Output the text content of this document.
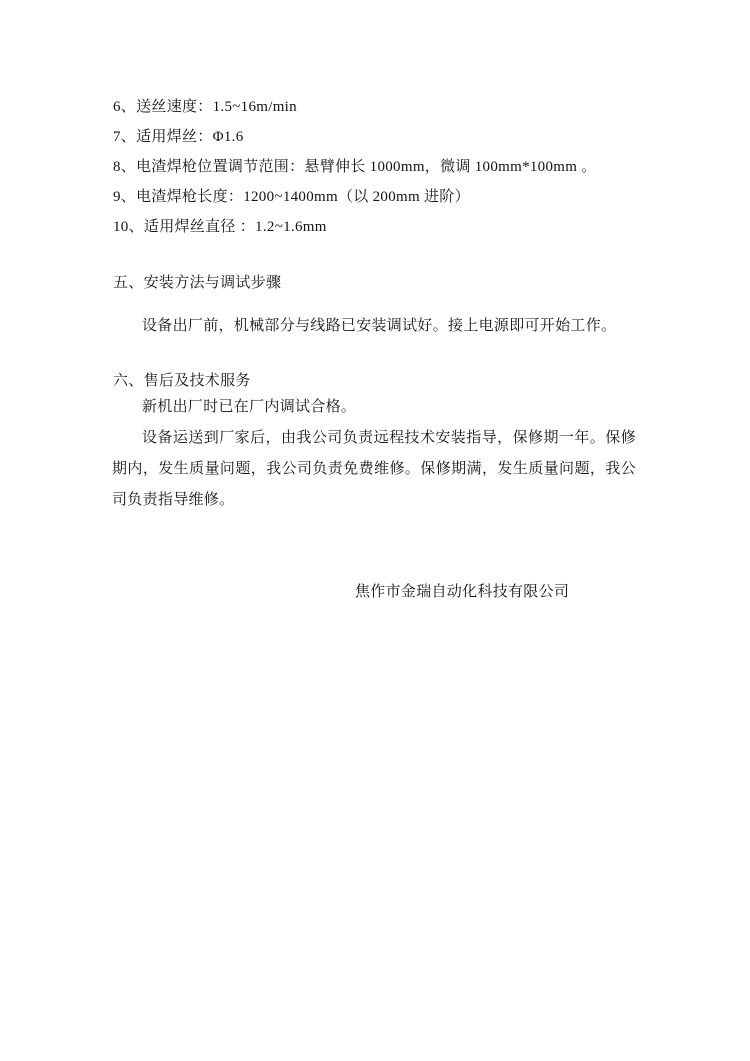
6、送丝速度：1.5~16m/min
7、适用焊丝：Φ1.6
8、电渣焊枪位置调节范围：悬臂伸长 1000mm，微调 100mm*100mm 。
9、电渣焊枪长度：1200~1400mm（以 200mm 进阶）
10、适用焊丝直径 ：1.2~1.6mm
五、安装方法与调试步骤

设备出厂前，机械部分与线路已安装调试好。接上电源即可开始工作。

六、售后及技术服务

新机出厂时已在厂内调试合格。

设备运送到厂家后，由我公司负责远程技术安装指导，保修期一年。保修期内，发生质量问题，我公司负责免费维修。保修期满，发生质量问题，我公司负责指导维修。

焦作市金瑞自动化科技有限公司
